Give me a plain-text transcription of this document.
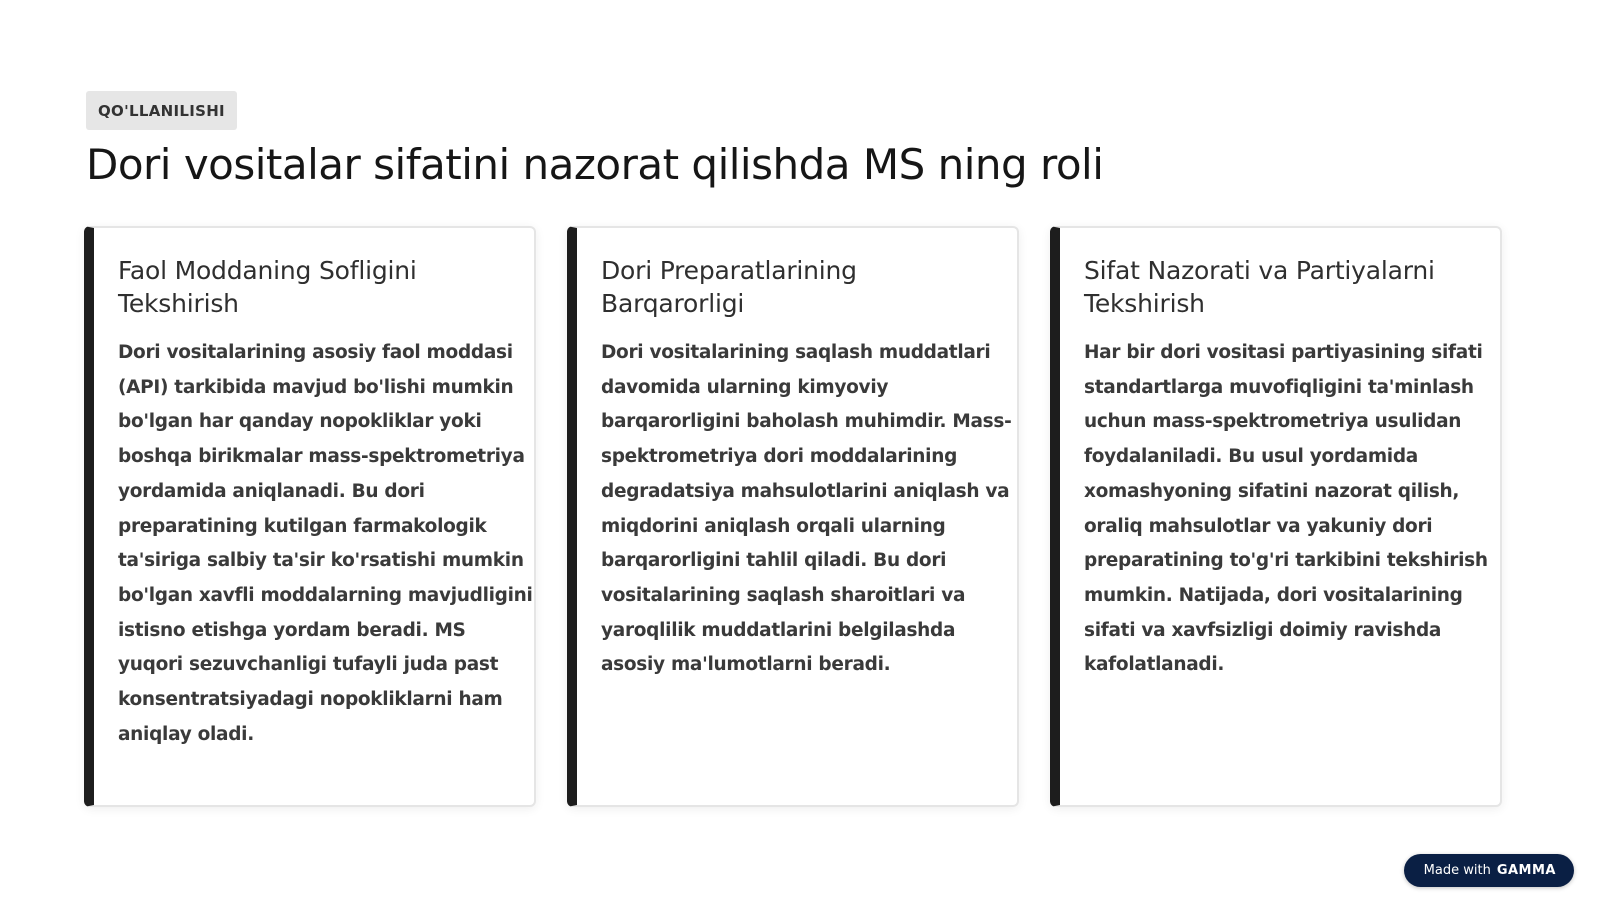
QO'LLANILISHI
Dori vositalar sifatini nazorat qilishda MS ning roli
Faol Moddaning Sofligini Tekshirish

Dori vositalarining asosiy faol moddasi (API) tarkibida mavjud bo'lishi mumkin bo'lgan har qanday nopokliklar yoki boshqa birikmalar mass-spektrometriya yordamida aniqlanadi. Bu dori preparatining kutilgan farmakologik ta'siriga salbiy ta'sir ko'rsatishi mumkin bo'lgan xavfli moddalarning mavjudligini istisno etishga yordam beradi. MS yuqori sezuvchanligi tufayli juda past konsentratsiyadagi nopokliklarni ham aniqlay oladi.

Dori Preparatlarining Barqarorligi

Dori vositalarining saqlash muddatlari davomida ularning kimyoviy barqarorligini baholash muhimdir. Mass-spektrometriya dori moddalarining degradatsiya mahsulotlarini aniqlash va miqdorini aniqlash orqali ularning barqarorligini tahlil qiladi. Bu dori vositalarining saqlash sharoitlari va yaroqlilik muddatlarini belgilashda asosiy ma'lumotlarni beradi.

Sifat Nazorati va Partiyalarni Tekshirish

Har bir dori vositasi partiyasining sifati standartlarga muvofiqligini ta'minlash uchun mass-spektrometriya usulidan foydalaniladi. Bu usul yordamida xomashyoning sifatini nazorat qilish, oraliq mahsulotlar va yakuniy dori preparatining to'g'ri tarkibini tekshirish mumkin. Natijada, dori vositalarining sifati va xavfsizligi doimiy ravishda kafolatlanadi.

Made with GAMMA
